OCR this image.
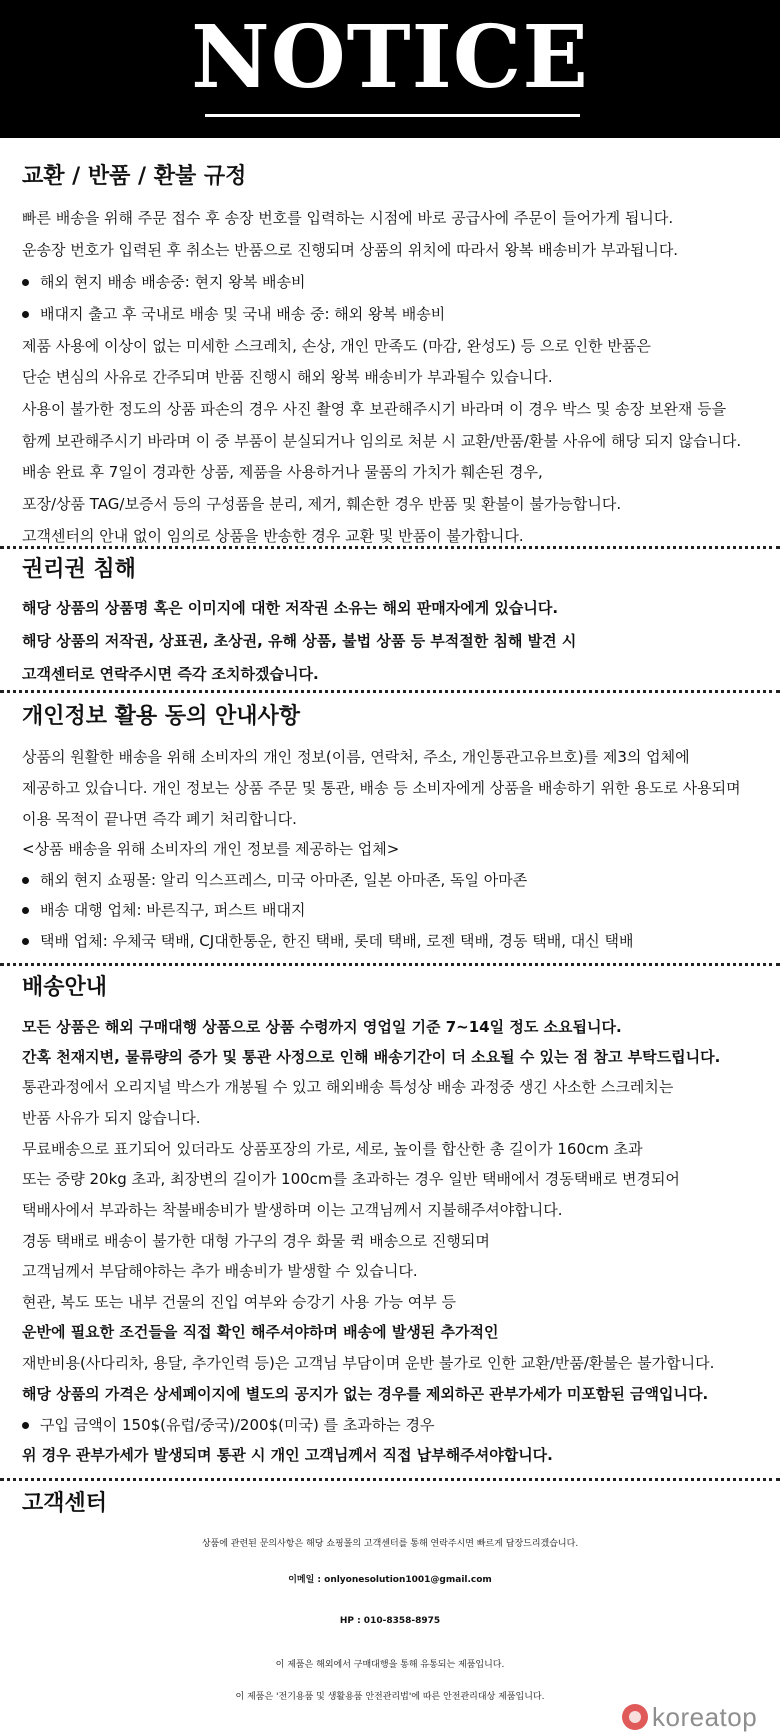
NOTICE
교환 / 반품 / 환불 규정
빠른 배송을 위해 주문 접수 후 송장 번호를 입력하는 시점에 바로 공급사에 주문이 들어가게 됩니다.
운송장 번호가 입력된 후 취소는 반품으로 진행되며 상품의 위치에 따라서 왕복 배송비가 부과됩니다.
해외 현지 배송 배송중: 현지 왕복 배송비
배대지 출고 후 국내로 배송 및 국내 배송 중: 해외 왕복 배송비
제품 사용에 이상이 없는 미세한 스크레치, 손상, 개인 만족도 (마감, 완성도) 등 으로 인한 반품은
단순 변심의 사유로 간주되며 반품 진행시 해외 왕복 배송비가 부과될수 있습니다.
사용이 불가한 정도의 상품 파손의 경우 사진 촬영 후 보관해주시기 바라며 이 경우 박스 및 송장 보완재 등을
함께 보관해주시기 바라며 이 중 부품이 분실되거나 임의로 처분 시 교환/반품/환불 사유에 해당 되지 않습니다.
배송 완료 후 7일이 경과한 상품, 제품을 사용하거나 물품의 가치가 훼손된 경우,
포장/상품 TAG/보증서 등의 구성품을 분리, 제거, 훼손한 경우 반품 및 환불이 불가능합니다.
고객센터의 안내 없이 임의로 상품을 반송한 경우 교환 및 반품이 불가합니다.
권리권 침해
해당 상품의 상품명 혹은 이미지에 대한 저작권 소유는 해외 판매자에게 있습니다.
해당 상품의 저작권, 상표권, 초상권, 유해 상품, 불법 상품 등 부적절한 침해 발견 시
고객센터로 연락주시면 즉각 조치하겠습니다.
개인정보 활용 동의 안내사항
상품의 원활한 배송을 위해 소비자의 개인 정보(이름, 연락처, 주소, 개인통관고유브호)를 제3의 업체에
제공하고 있습니다. 개인 정보는 상품 주문 및 통관, 배송 등 소비자에게 상품을 배송하기 위한 용도로 사용되며
이용 목적이 끝나면 즉각 폐기 처리합니다.
<상품 배송을 위해 소비자의 개인 정보를 제공하는 업체>
해외 현지 쇼핑몰: 알리 익스프레스, 미국 아마존, 일본 아마존, 독일 아마존
배송 대행 업체: 바른직구, 퍼스트 배대지
택배 업체: 우체국 택배, CJ대한통운, 한진 택배, 롯데 택배, 로젠 택배, 경동 택배, 대신 택배
배송안내
모든 상품은 해외 구매대행 상품으로 상품 수령까지 영업일 기준 7~14일 정도 소요됩니다.
간혹 천재지변, 물류량의 증가 및 통관 사정으로 인해 배송기간이 더 소요될 수 있는 점 참고 부탁드립니다.
통관과정에서 오리지널 박스가 개봉될 수 있고 해외배송 특성상 배송 과정중 생긴 사소한 스크레치는
반품 사유가 되지 않습니다.
무료배송으로 표기되어 있더라도 상품포장의 가로, 세로, 높이를 합산한 총 길이가 160cm 초과
또는 중량 20kg 초과, 최장변의 길이가 100cm를 초과하는 경우 일반 택배에서 경동택배로 변경되어
택배사에서 부과하는 착불배송비가 발생하며 이는 고객님께서 지불해주셔야합니다.
경동 택배로 배송이 불가한 대형 가구의 경우 화물 퀵 배송으로 진행되며
고객님께서 부담해야하는 추가 배송비가 발생할 수 있습니다.
현관, 복도 또는 내부 건물의 진입 여부와 승강기 사용 가능 여부 등
운반에 필요한 조건들을 직접 확인 해주셔야하며 배송에 발생된 추가적인
재반비용(사다리차, 용달, 추가인력 등)은 고객님 부담이며 운반 불가로 인한 교환/반품/환불은 불가합니다.
해당 상품의 가격은 상세페이지에 별도의 공지가 없는 경우를 제외하곤 관부가세가 미포함된 금액입니다.
구입 금액이 150$(유럽/중국)/200$(미국) 를 초과하는 경우
위 경우 관부가세가 발생되며 통관 시 개인 고객님께서 직접 납부해주셔야합니다.
고객센터
상품에 관련된 문의사항은 해당 쇼핑몰의 고객센터를 통해 연락주시면 빠르게 답장드리겠습니다.
이메일 : onlyonesolution1001@gmail.com
HP : 010-8358-8975
이 제품은 해외에서 구매대행을 통해 유통되는 제품입니다.
이 제품은 '전기용품 및 생활용품 안전관리법'에 따른 안전관리대상 제품입니다.
koreatop
